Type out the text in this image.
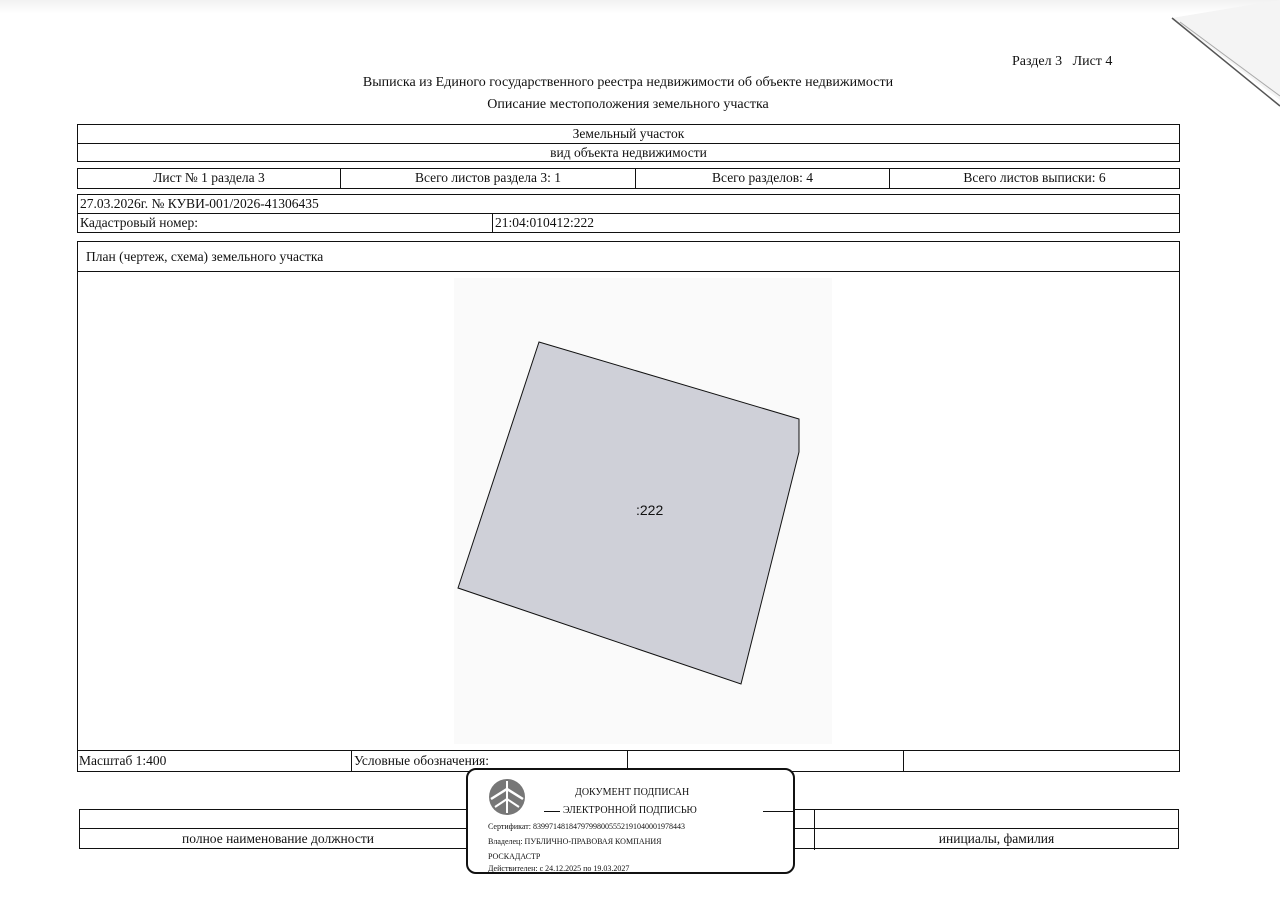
Раздел 3   Лист 4
Выписка из Единого государственного реестра недвижимости об объекте недвижимости
Описание местоположения земельного участка
Земельный участок
вид объекта недвижимости
Лист № 1 раздела 3	Всего листов раздела 3: 1	Всего разделов: 4	Всего листов выписки: 6
27.03.2026г. № КУВИ-001/2026-41306435
Кадастровый номер:	21:04:010412:222
План (чертеж, схема) земельного участка
:222
Масштаб 1:400	Условные обозначения:
полное наименование должности	инициалы, фамилия
ДОКУМЕНТ ПОДПИСАН
ЭЛЕКТРОННОЙ ПОДПИСЬЮ
Сертификат: 83997148184797998005552191040001978443
Владелец: ПУБЛИЧНО-ПРАВОВАЯ КОМПАНИЯ
РОСКАДАСТР
Действителен: с 24.12.2025 по 19.03.2027
